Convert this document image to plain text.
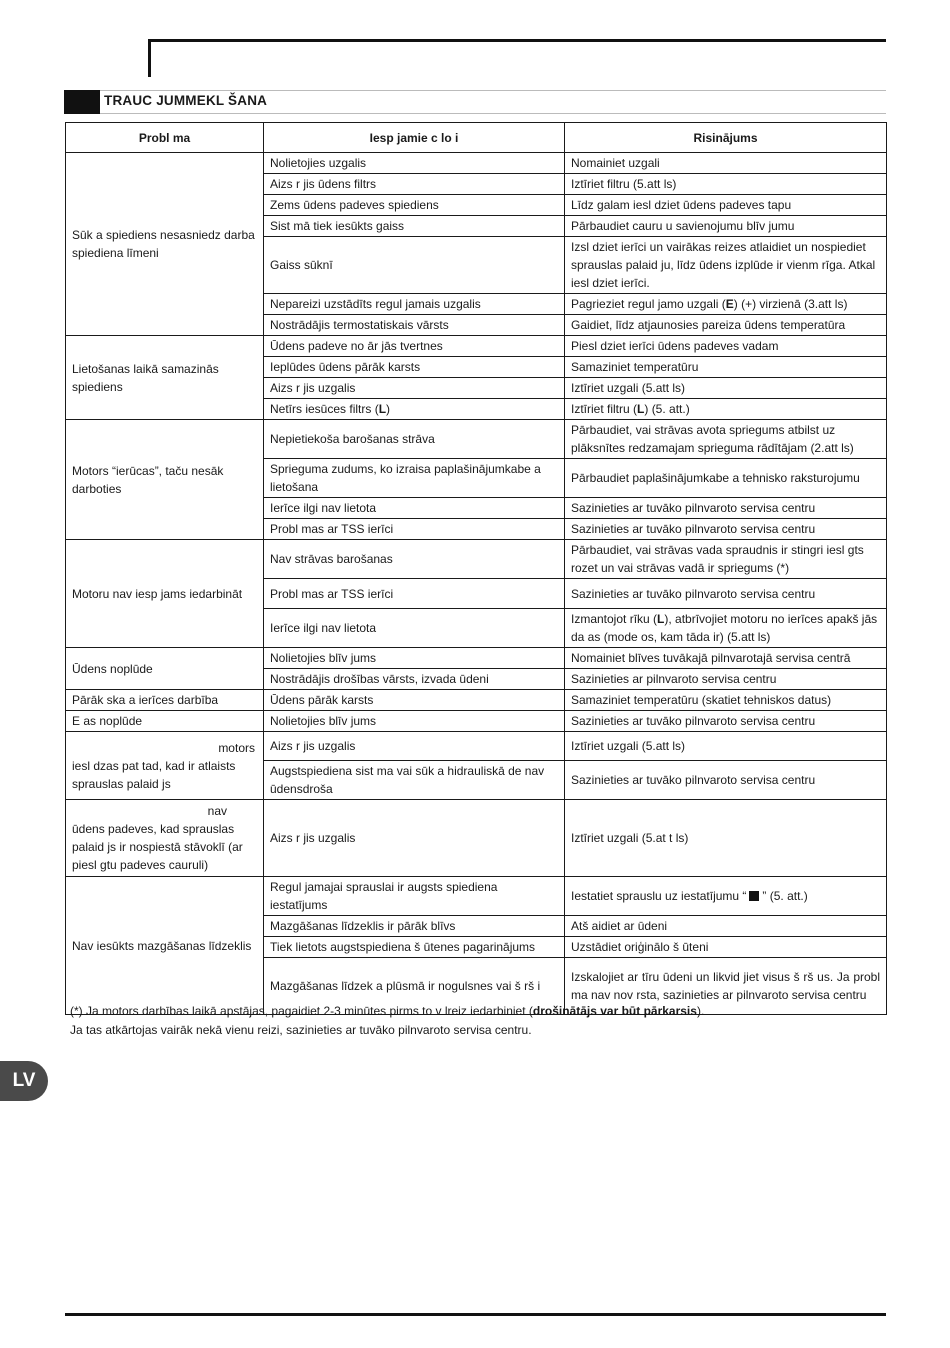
TRAUC JUMMEKL ŠANA
Probl ma	Iesp jamie c lo i	Risinājums
Sūk a spiediens nesasniedz darba spiediena līmeni	Nolietojies uzgalis	Nomainiet uzgali
	Aizs r jis ūdens filtrs	Iztīriet filtru (5.att ls)
	Zems ūdens padeves spiediens	Līdz galam iesl dziet ūdens padeves tapu
	Sist mā tiek iesūkts gaiss	Pārbaudiet cauru u savienojumu blīv jumu
	Gaiss sūknī	Izsl dziet ierīci un vairākas reizes atlaidiet un nospiediet sprauslas palaid ju, līdz ūdens izplūde ir vienm rīga. Atkal iesl dziet ierīci.
	Nepareizi uzstādīts regul jamais uzgalis	Pagrieziet regul jamo uzgali (E) (+) virzienā (3.att ls)
	Nostrādājis termostatiskais vārsts	Gaidiet, līdz atjaunosies pareiza ūdens temperatūra
Lietošanas laikā samazinās spiediens	Ūdens padeve no ār jās tvertnes	Piesl dziet ierīci ūdens padeves vadam
	Ieplūdes ūdens pārāk karsts	Samaziniet temperatūru
	Aizs r jis uzgalis	Iztīriet uzgali (5.att ls)
	Netīrs iesūces filtrs (L)	Iztīriet filtru (L) (5. att.)
Motors “ierūcas”, taču nesāk darboties	Nepietiekoša barošanas strāva	Pārbaudiet, vai strāvas avota spriegums atbilst uz plāksnītes redzamajam sprieguma rādītājam (2.att ls)
	Sprieguma zudums, ko izraisa paplašinājumkabe a lietošana	Pārbaudiet paplašinājumkabe a tehnisko raksturojumu
	Ierīce ilgi nav lietota	Sazinieties ar tuvāko pilnvaroto servisa centru
	Probl mas ar TSS ierīci	Sazinieties ar tuvāko pilnvaroto servisa centru
Motoru nav iesp jams iedarbināt	Nav strāvas barošanas	Pārbaudiet, vai strāvas vada spraudnis ir stingri iesl gts rozet un vai strāvas vadā ir spriegums (*)
	Probl mas ar TSS ierīci	Sazinieties ar tuvāko pilnvaroto servisa centru
	Ierīce ilgi nav lietota	Izmantojot rīku (L), atbrīvojiet motoru no ierīces apakš jās da as (mode os, kam tāda ir) (5.att ls)
Ūdens noplūde	Nolietojies blīv jums	Nomainiet blīves tuvākajā pilnvarotajā servisa centrā
	Nostrādājis drošības vārsts, izvada ūdeni	Sazinieties ar pilnvaroto servisa centru
Pārāk ska a ierīces darbība	Ūdens pārāk karsts	Samaziniet temperatūru (skatiet tehniskos datus)
E as noplūde	Nolietojies blīv jums	Sazinieties ar tuvāko pilnvaroto servisa centru

motors
iesl dzas pat tad, kad ir atlaists sprauslas palaid js	Aizs r jis uzgalis	Iztīriet uzgali (5.att ls)
	Augstspiediena sist ma vai sūk a hidrauliskā de nav ūdensdroša	Sazinieties ar tuvāko pilnvaroto servisa centru

nav
ūdens padeves, kad sprauslas palaid js ir nospiestā stāvoklī (ar piesl gtu padeves cauruli)	Aizs r jis uzgalis	Iztīriet uzgali (5.at t ls)
Nav iesūkts mazgāšanas līdzeklis	Regul jamajai sprauslai ir augsts spiediena iestatījums	Iestatiet sprauslu uz iestatījumu “ ” (5. att.)
	Mazgāšanas līdzeklis ir pārāk blīvs	Atš aidiet ar ūdeni
	Tiek lietots augstspiediena š ūtenes pagarinājums	Uzstādiet oriģinālo š ūteni
	Mazgāšanas līdzek a plūsmā ir nogulsnes vai š rš i	Izskalojiet ar tīru ūdeni un likvid jiet visus š rš us. Ja probl ma nav nov rsta, sazinieties ar pilnvaroto servisa centru
(*) Ja motors darbības laikā apstājas, pagaidiet 2-3 minūtes pirms to v lreiz iedarbiniet (drošinātājs var būt pārkarsis).
Ja tas atkārtojas vairāk nekā vienu reizi, sazinieties ar tuvāko pilnvaroto servisa centru.
LV
